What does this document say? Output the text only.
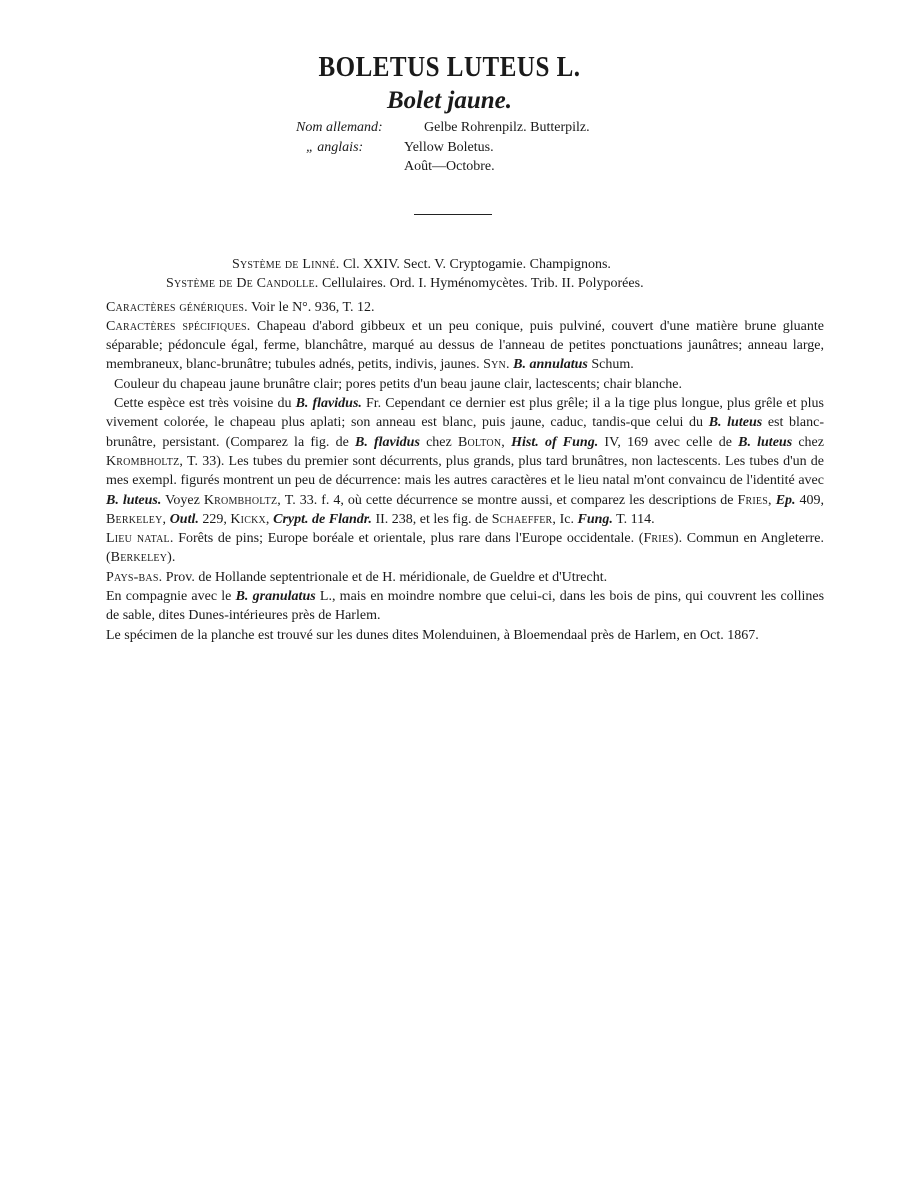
BOLETUS LUTEUS L.
Bolet jaune.
Nom allemand:	Gelbe Rohrenpilz. Butterpilz.
„ anglais:	Yellow Boletus.
Août—Octobre.

Système de Linné. Cl. XXIV. Sect. V. Cryptogamie. Champignons.

Système de De Candolle. Cellulaires. Ord. I. Hyménomycètes. Trib. II. Polyporées.

Caractères génériques. Voir le N°. 936, T. 12.

Caractères spécifiques. Chapeau d'abord gibbeux et un peu conique, puis pulviné, couvert d'une matière brune gluante séparable; pédoncule égal, ferme, blanchâtre, marqué au dessus de l'anneau de petites ponctuations jaunâtres; anneau large, membraneux, blanc-brunâtre; tubules adnés, petits, indivis, jaunes. Syn. B. annulatus Schum.

Couleur du chapeau jaune brunâtre clair; pores petits d'un beau jaune clair, lactescents; chair blanche.

Cette espèce est très voisine du B. flavidus. Fr. Cependant ce dernier est plus grêle; il a la tige plus longue, plus grêle et plus vivement colorée, le chapeau plus aplati; son anneau est blanc, puis jaune, caduc, tandis-que celui du B. luteus est blanc-brunâtre, persistant. (Comparez la fig. de B. flavidus chez Bolton, Hist. of Fung. IV, 169 avec celle de B. luteus chez Krombholtz, T. 33). Les tubes du premier sont décurrents, plus grands, plus tard brunâtres, non lactescents. Les tubes d'un de mes exempl. figurés montrent un peu de décurrence: mais les autres caractères et le lieu natal m'ont convaincu de l'identité avec B. luteus. Voyez Krombholtz, T. 33. f. 4, où cette décurrence se montre aussi, et comparez les descriptions de Fries, Ep. 409, Berkeley, Outl. 229, Kickx, Crypt. de Flandr. II. 238, et les fig. de Schaeffer, Ic. Fung. T. 114.

Lieu natal. Forêts de pins; Europe boréale et orientale, plus rare dans l'Europe occidentale. (Fries). Commun en Angleterre. (Berkeley).

Pays-bas. Prov. de Hollande septentrionale et de H. méridionale, de Gueldre et d'Utrecht.

En compagnie avec le B. granulatus L., mais en moindre nombre que celui-ci, dans les bois de pins, qui couvrent les collines de sable, dites Dunes-intérieures près de Harlem.

Le spécimen de la planche est trouvé sur les dunes dites Molenduinen, à Bloemendaal près de Harlem, en Oct. 1867.
